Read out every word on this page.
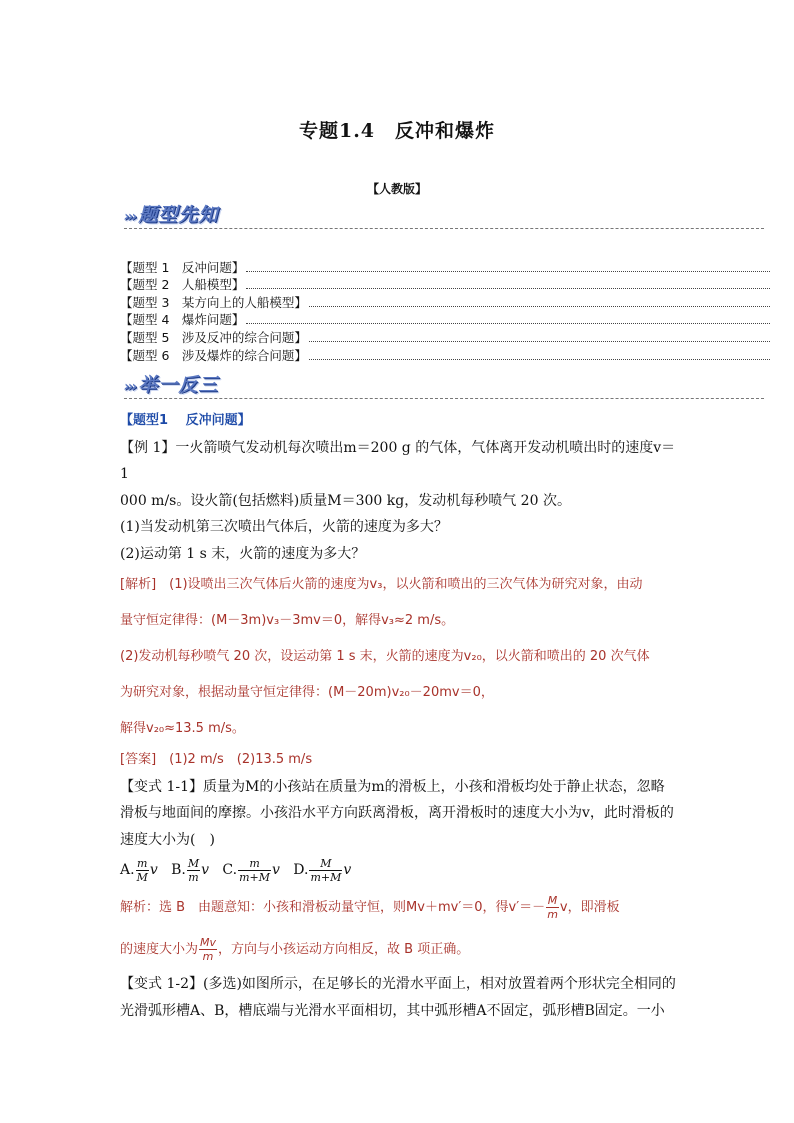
专题1.4　反冲和爆炸
【人教版】
››› 题型先知
【题型 1　反冲问题】
【题型 2　人船模型】
【题型 3　某方向上的人船模型】
【题型 4　爆炸问题】
【题型 5　涉及反冲的综合问题】
【题型 6　涉及爆炸的综合问题】
››› 举一反三

【题型1　 反冲问题】

【例 1】一火箭喷气发动机每次喷出m＝200 g 的气体，气体离开发动机喷出时的速度v＝1

000 m/s。设火箭(包括燃料)质量M＝300 kg，发动机每秒喷气 20 次。

(1)当发动机第三次喷出气体后，火箭的速度为多大？

(2)运动第 1 s 末，火箭的速度为多大？

[解析]　(1)设喷出三次气体后火箭的速度为v₃，以火箭和喷出的三次气体为研究对象，由动

量守恒定律得：(M－3m)v₃－3mv＝0，解得v₃≈2 m/s。

(2)发动机每秒喷气 20 次，设运动第 1 s 末，火箭的速度为v₂₀，以火箭和喷出的 20 次气体

为研究对象，根据动量守恒定律得：(M－20m)v₂₀－20mv＝0，

解得v₂₀≈13.5 m/s。

[答案]　(1)2 m/s　(2)13.5 m/s

【变式 1-1】质量为M的小孩站在质量为m的滑板上，小孩和滑板均处于静止状态，忽略

滑板与地面间的摩擦。小孩沿水平方向跃离滑板，离开滑板时的速度大小为v，此时滑板的

速度大小为(　)

A. $\frac{m}{M}$ v B. $\frac{M}{m}$ v C. $\frac{m}{m+M}$ v D. $\frac{M}{m+M}$ v

解析：选 B　由题意知：小孩和滑板动量守恒，则Mv＋mv′＝0，得$v'=- \frac{M}{m}$ v，即滑板

的速度大小为 $\frac{Mv}{m}$ ，方向与小孩运动方向相反，故 B 项正确。

【变式 1-2】(多选)如图所示，在足够长的光滑水平面上，相对放置着两个形状完全相同的

光滑弧形槽A、B，槽底端与光滑水平面相切，其中弧形槽A不固定，弧形槽B固定。一小
